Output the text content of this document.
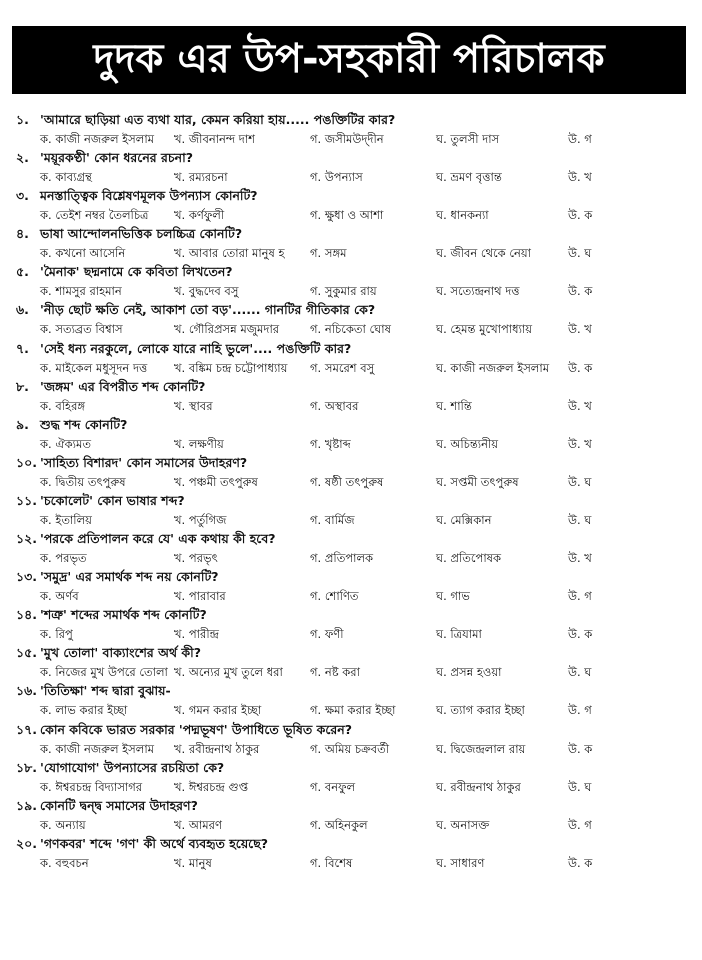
দুদক এর উপ-সহকারী পরিচালক
১. 'আমারে ছাড়িয়া এত ব্যথা যার, কেমন করিয়া হায়..... পঙক্তিটির কার?
ক. কাজী নজরুল ইসলাম খ. জীবনানন্দ দাশ	গ. জসীমউদ্‌দীন	ঘ. তুলসী দাস	উ. গ
২. 'ময়ূরকণ্ঠী' কোন ধরনের রচনা?
ক. কাব্যগ্রন্থ	খ. রম্যরচনা	গ. উপন্যাস	ঘ. ভ্রমণ বৃত্তান্ত	উ. খ
৩. মনস্তাত্ত্বিক বিশ্লেষণমূলক উপন্যাস কোনটি?
ক. তেইশ নম্বর তৈলচিত্র খ. কর্ণফুলী	গ. ক্ষুধা ও আশা	ঘ. ধানকন্যা	উ. ক
৪. ভাষা আন্দোলনভিত্তিক চলচ্চিত্র কোনটি?
ক. কখনো আসেনি	খ. আবার তোরা মানুষ হ গ. সঙ্গম	ঘ. জীবন থেকে নেয়া	উ. ঘ
৫. 'মৈনাক' ছদ্মনামে কে কবিতা লিখতেন?
ক. শামসুর রাহমান	খ. বুদ্ধদেব বসু	গ. সুকুমার রায়	ঘ. সত্যেন্দ্রনাথ দত্ত	উ. ক
৬. 'নীড় ছোট ক্ষতি নেই, আকাশ তো বড়'...... গানটির গীতিকার কে?
ক. সত্যব্রত বিশ্বাস	খ. গৌরিপ্রসন্ন মজুমদার	গ. নচিকেতা ঘোষ	ঘ. হেমন্ত মুখোপাধ্যায়	উ. খ
৭. 'সেই ধন্য নরকুলে, লোকে যারে নাহি ভুলে'.... পঙক্তিটি কার?
ক. মাইকেল মধুসূদন দত্ত খ. বঙ্কিম চন্দ্র চট্টোপাধ্যায় গ. সমরেশ বসু	ঘ. কাজী নজরুল ইসলাম উ. ক
৮. 'জঙ্গম' এর বিপরীত শব্দ কোনটি?
ক. বহিরঙ্গ	খ. স্থাবর	গ. অস্থাবর	ঘ. শান্তি	উ. খ
৯. শুদ্ধ শব্দ কোনটি?
ক. ঐক্যমত	খ. লক্ষণীয়	গ. খৃষ্টাব্দ	ঘ. অচিন্ত্যনীয়	উ. খ
১০. 'সাহিত্য বিশারদ' কোন সমাসের উদাহরণ?
ক. দ্বিতীয় তৎপুরুষ	খ. পঞ্চমী তৎপুরুষ	গ. ষষ্ঠী তৎপুরুষ	ঘ. সপ্তমী তৎপুরুষ	উ. ঘ
১১. 'চকোলেট' কোন ভাষার শব্দ?
ক. ইতালিয়	খ. পর্তুগিজ	গ. বার্মিজ	ঘ. মেক্সিকান	উ. ঘ
১২. 'পরকে প্রতিপালন করে যে' এক কথায় কী হবে?
ক. পরভৃত	খ. পরভৃৎ	গ. প্রতিপালক	ঘ. প্রতিপোষক	উ. খ
১৩. 'সমুদ্র' এর সমার্থক শব্দ নয় কোনটি?
ক. অর্ণব	খ. পারাবার	গ. শোণিত	ঘ. গাভ	উ. গ
১৪. 'শত্রু' শব্দের সমার্থক শব্দ কোনটি?
ক. রিপু	খ. পারীন্দ্র	গ. ফণী	ঘ. ত্রিযামা	উ. ক
১৫. 'মুখ তোলা' বাক্যাংশের অর্থ কী?
ক. নিজের মুখ উপরে তোলা খ. অন্যের মুখ তুলে ধরা গ. নষ্ট করা	ঘ. প্রসন্ন হওয়া	উ. ঘ
১৬. 'তিতিক্ষা' শব্দ দ্বারা বুঝায়-
ক. লাভ করার ইচ্ছা	খ. গমন করার ইচ্ছা	গ. ক্ষমা করার ইচ্ছা	ঘ. ত্যাগ করার ইচ্ছা	উ. গ
১৭. কোন কবিকে ভারত সরকার 'পদ্মভূষণ' উপাধিতে ভূষিত করেন?
ক. কাজী নজরুল ইসলাম খ. রবীন্দ্রনাথ ঠাকুর	গ. অমিয় চক্রবর্তী	ঘ. দ্বিজেন্দ্রলাল রায়	উ. ক
১৮. 'যোগাযোগ' উপন্যাসের রচয়িতা কে?
ক. ঈশ্বরচন্দ্র বিদ্যাসাগর	খ. ঈশ্বরচন্দ্র গুপ্ত	গ. বনফুল	ঘ. রবীন্দ্রনাথ ঠাকুর	উ. ঘ
১৯. কোনটি দ্বন্দ্ব সমাসের উদাহরণ?
ক. অন্যায়	খ. আমরণ	গ. অহিনকুল	ঘ. অনাসক্ত	উ. গ
২০. 'গণকবর' শব্দে 'গণ' কী অর্থে ব্যবহৃত হয়েছে?
ক. বহুবচন	খ. মানুষ	গ. বিশেষ	ঘ. সাধারণ	উ. ক
